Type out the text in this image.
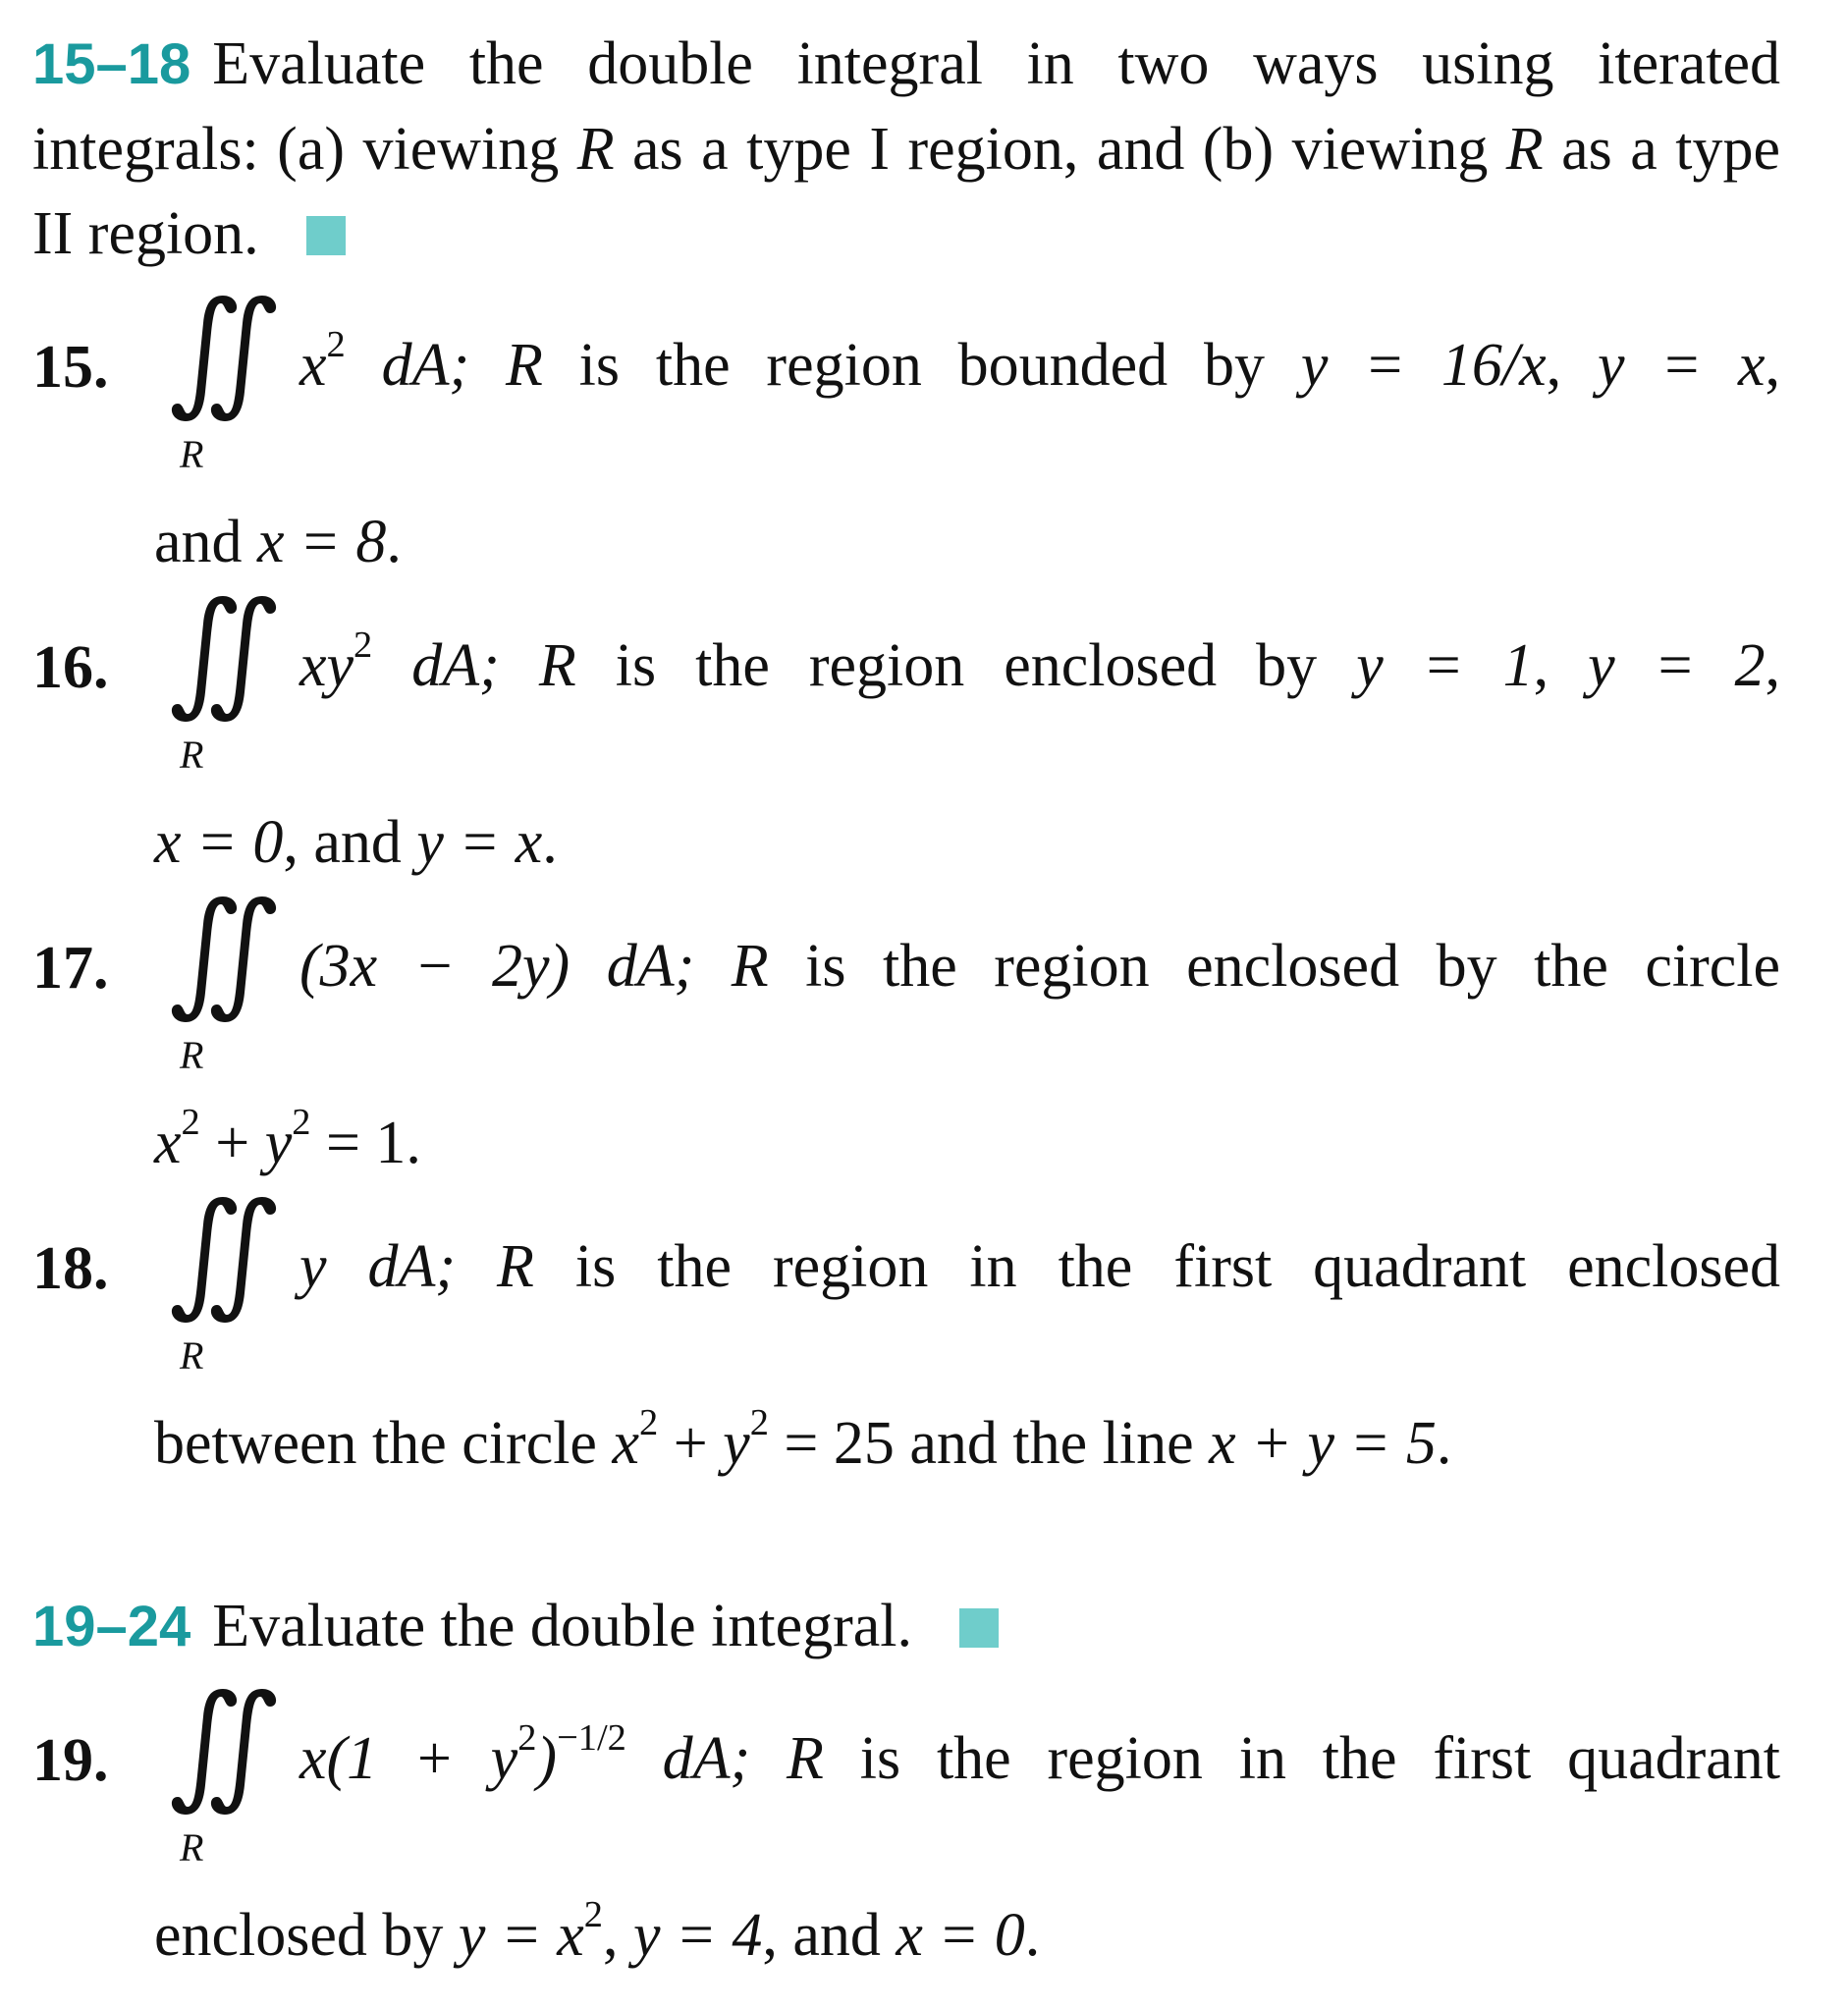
15–18 Evaluate the double integral in two ways using iterated integrals: (a) viewing R as a type I region, and (b) viewing R as a type II region.

15.
R
$x^2$ dA; R is the region bounded by y = 16/x, y = x,
and x = 8.
16.
R
$xy^2$ dA; R is the region enclosed by y = 1, y = 2,
x = 0, and y = x.
17.
R
(3x − 2y) dA; R is the region enclosed by the circle
$x^2 + y^2 = 1$.
18.
R
y dA; R is the region in the first quadrant enclosed
between the circle $x^2 + y^2 = 25$ and the line x + y = 5.

19–24 Evaluate the double integral.

19.
R
$x(1 + y^2)^{-1/2}$ dA; R is the region in the first quadrant
enclosed by $y = x^2$, y = 4, and x = 0.
